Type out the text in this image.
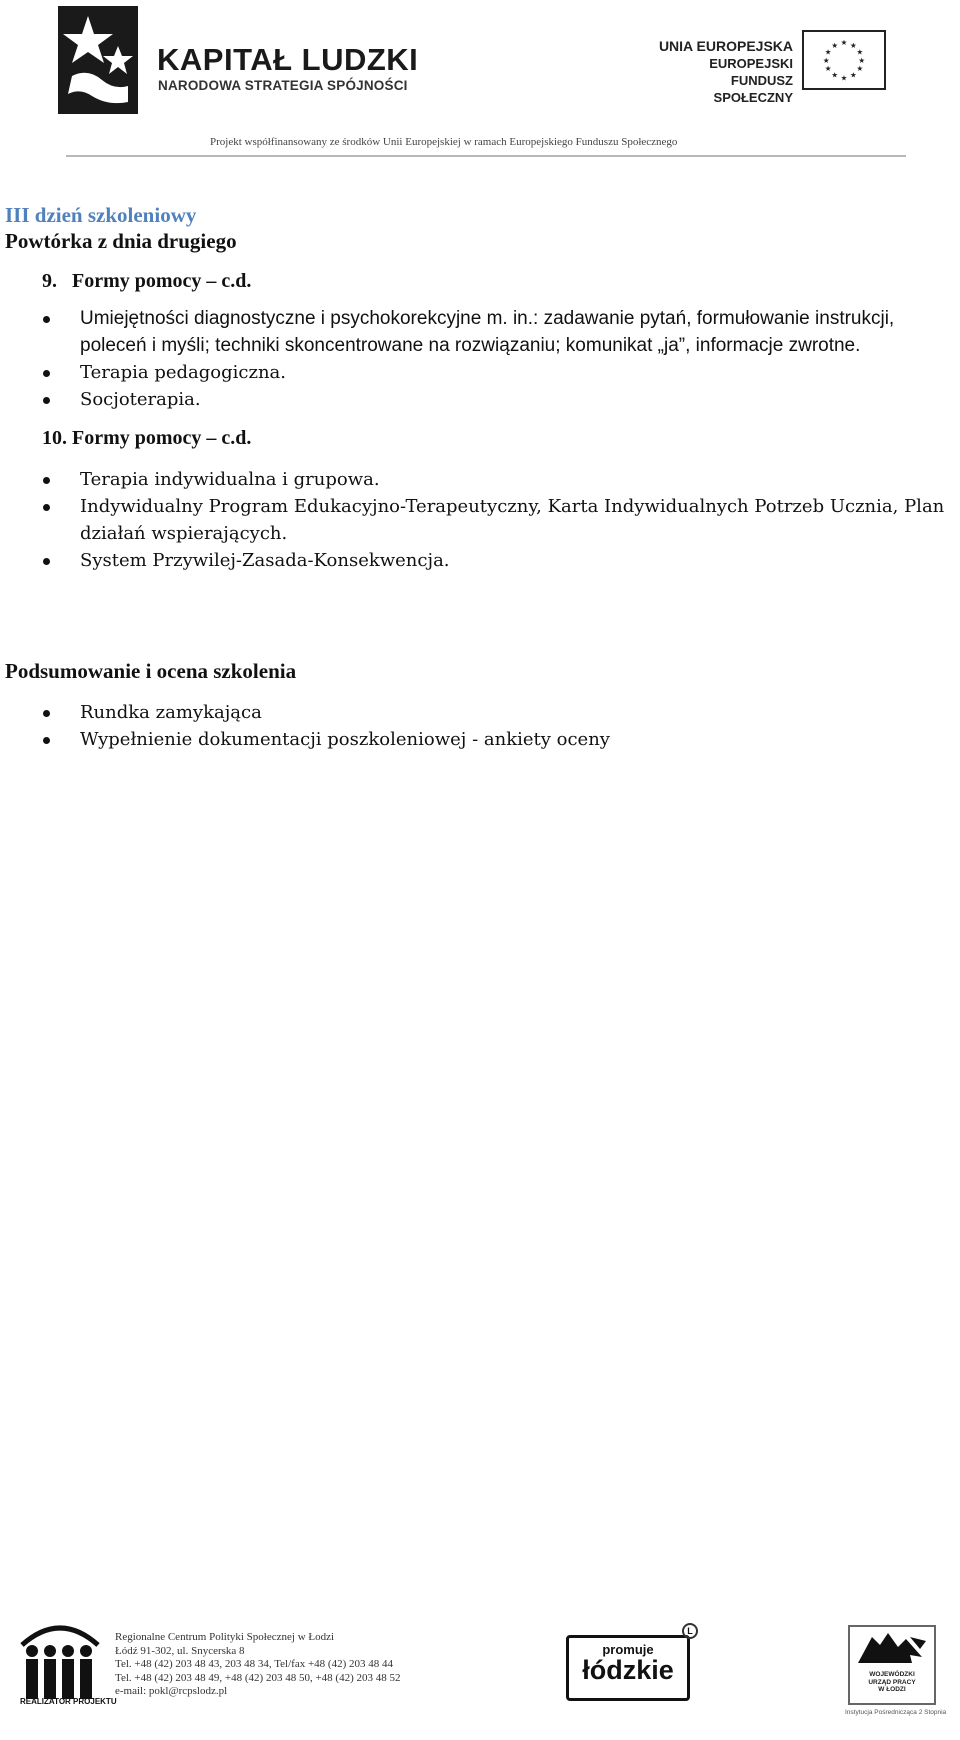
KAPITAŁ LUDZKI
NARODOWA STRATEGIA SPÓJNOŚCI
UNIA EUROPEJSKA
EUROPEJSKI
FUNDUSZ SPOŁECZNY
★ ★
★
★
★
★
★
★
★
★
★
★
Projekt współfinansowany ze środków Unii Europejskiej w ramach Europejskiego Funduszu Społecznego

III dzień szkoleniowy

Powtórka z dnia drugiego

9.   Formy pomocy – c.d.

Umiejętności diagnostyczne i psychokorekcyjne m. in.: zadawanie pytań, formułowanie instrukcji, poleceń i myśli; techniki skoncentrowane na rozwiązaniu; komunikat „ja”, informacje zwrotne.
Terapia pedagogiczna.
Socjoterapia.

10. Formy pomocy – c.d.

Terapia indywidualna i grupowa.
Indywidualny Program Edukacyjno-Terapeutyczny, Karta Indywidualnych Potrzeb Ucznia, Plan działań wspierających.
System Przywilej-Zasada-Konsekwencja.

Podsumowanie i ocena szkolenia

Rundka zamykająca
Wypełnienie dokumentacji poszkoleniowej - ankiety oceny
REALIZATOR PROJEKTU
Regionalne Centrum Polityki Społecznej w Łodzi
Łódź 91-302, ul. Snycerska 8
Tel. +48 (42) 203 48 43, 203 48 34, Tel/fax +48 (42) 203 48 44
Tel. +48 (42) 203 48 49, +48 (42) 203 48 50, +48 (42) 203 48 52
e-mail: pokl@rcpslodz.pl
promuje
łódzkie
L
WOJEWÓDZKI
URZĄD PRACY
W ŁODZI
Instytucja Pośrednicząca 2 Stopnia
